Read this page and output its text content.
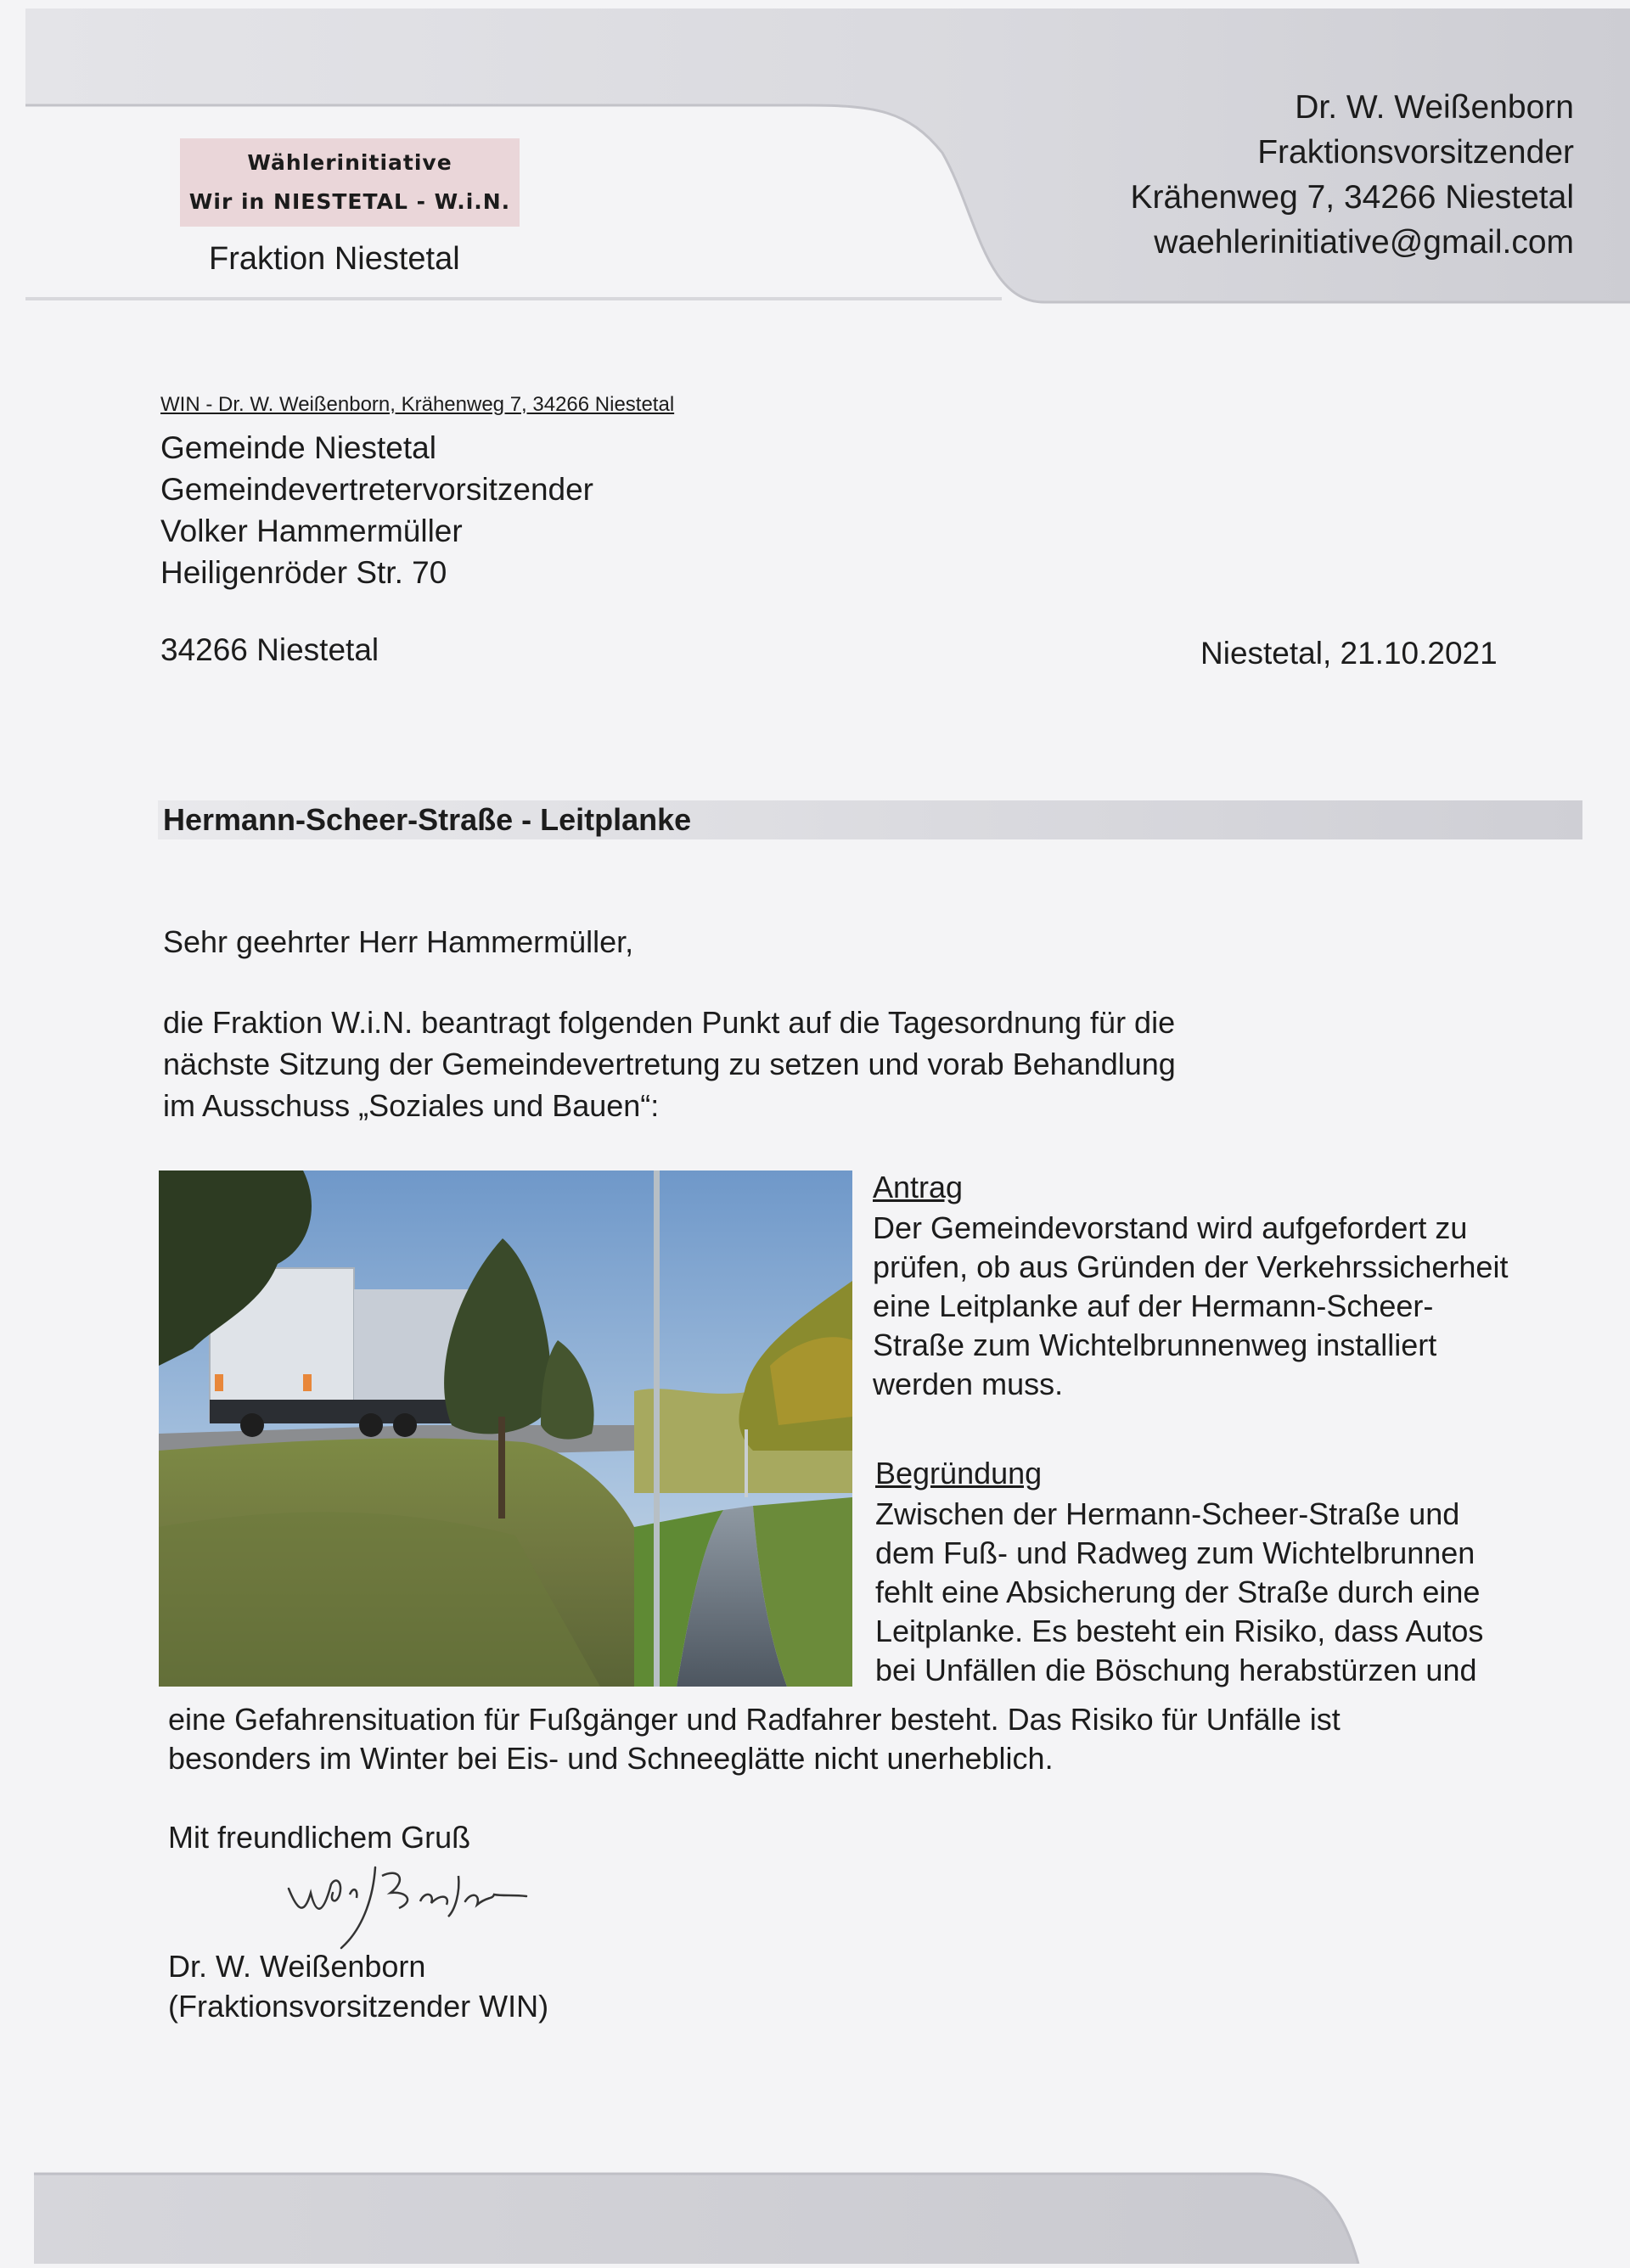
Wählerinitiative
Wir in NIESTETAL - W.i.N.
Fraktion Niestetal
Dr. W. Weißenborn
Fraktionsvorsitzender
Krähenweg 7, 34266 Niestetal
waehlerinitiative@gmail.com
WIN - Dr. W. Weißenborn, Krähenweg 7, 34266 Niestetal
Gemeinde Niestetal
Gemeindevertretervorsitzender
Volker Hammermüller
Heiligenröder Str. 70
34266 Niestetal	Niestetal, 21.10.2021
Hermann-Scheer-Straße - Leitplanke
Sehr geehrter Herr Hammermüller,
die Fraktion W.i.N. beantragt folgenden Punkt auf die Tagesordnung für die
nächste Sitzung der Gemeindevertretung zu setzen und vorab Behandlung
im Ausschuss „Soziales und Bauen“:
Antrag
Der Gemeindevorstand wird aufgefordert zu
prüfen, ob aus Gründen der Verkehrssicherheit
eine Leitplanke auf der Hermann-Scheer-
Straße zum Wichtelbrunnenweg installiert
werden muss.
Begründung
Zwischen der Hermann-Scheer-Straße und
dem Fuß- und Radweg zum Wichtelbrunnen
fehlt eine Absicherung der Straße durch eine
Leitplanke. Es besteht ein Risiko, dass Autos
bei Unfällen die Böschung herabstürzen und
eine Gefahrensituation für Fußgänger und Radfahrer besteht. Das Risiko für Unfälle ist
besonders im Winter bei Eis- und Schneeglätte nicht unerheblich.
Mit freundlichem Gruß
Dr. W. Weißenborn
(Fraktionsvorsitzender WIN)
